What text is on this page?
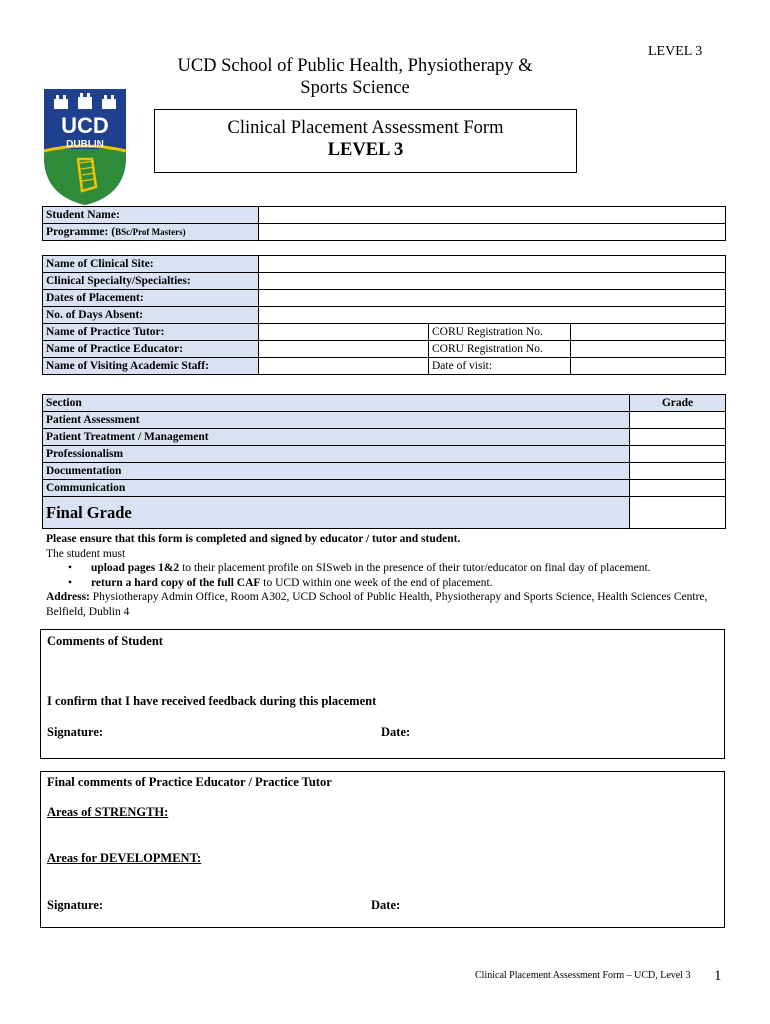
LEVEL 3
UCD
DUBLIN
UCD School of Public Health, Physiotherapy &
Sports Science
Clinical Placement Assessment Form
LEVEL 3
Student Name:	
Programme: (BSc/Prof Masters)	
Name of Clinical Site:			
Clinical Specialty/Specialties:			
Dates of Placement:			
No. of Days Absent:			
Name of Practice Tutor:		CORU Registration No.	
Name of Practice Educator:		CORU Registration No.	
Name of Visiting Academic Staff:		Date of visit:	
Section	Grade
Patient Assessment	
Patient Treatment / Management	
Professionalism	
Documentation	
Communication	
Final Grade	
Please ensure that this form is completed and signed by educator / tutor and student.
The student must
• upload pages 1&2 to their placement profile on SISweb in the presence of their tutor/educator on final day of placement.
• return a hard copy of the full CAF to UCD within one week of the end of placement.
Address: Physiotherapy Admin Office, Room A302, UCD School of Public Health, Physiotherapy and Sports Science, Health Sciences Centre, Belfield, Dublin 4
Comments of Student
I confirm that I have received feedback during this placement
Signature:	Date:
Final comments of Practice Educator / Practice Tutor
Areas of STRENGTH:
Areas for DEVELOPMENT:
Signature:	Date:
Clinical Placement Assessment Form – UCD, Level 3 1
